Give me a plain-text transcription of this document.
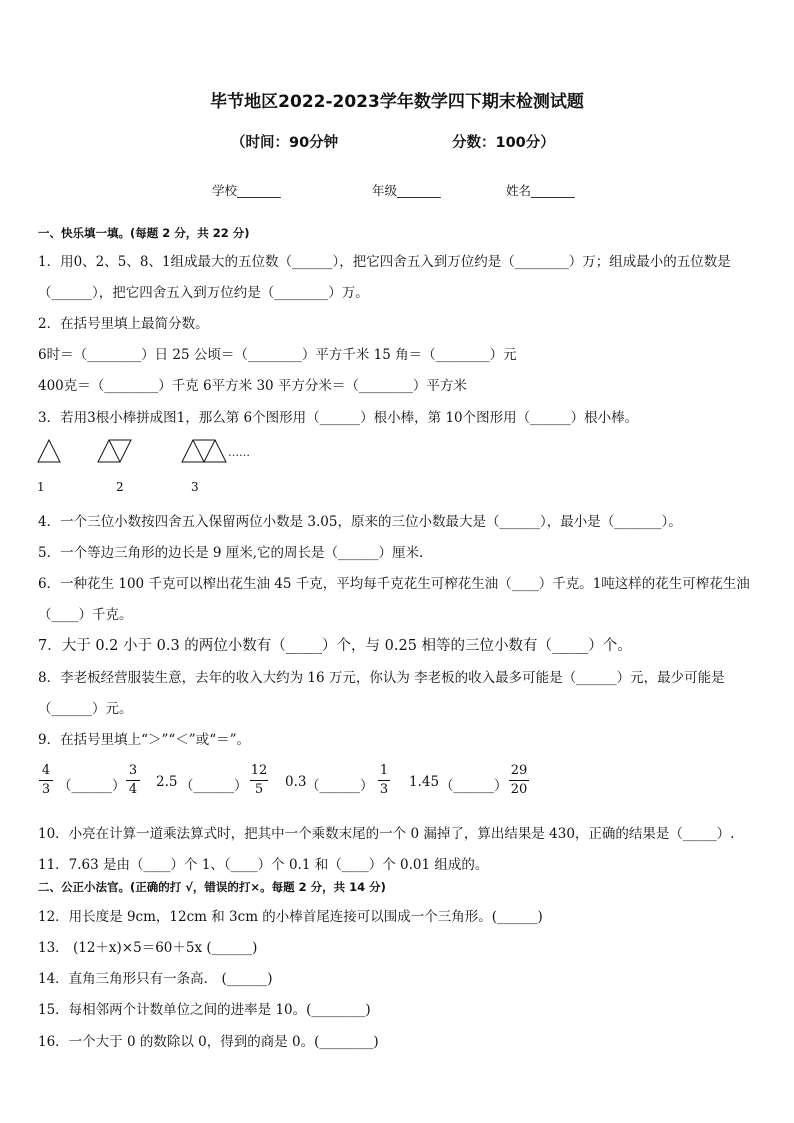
毕节地区2022-2023学年数学四下期末检测试题
（时间：90分钟	分数：100分）
学校_______	年级_______	姓名_______
一、快乐填一填。(每题 2 分，共 22 分)
1．用0、2、5、8、1组成最大的五位数（______），把它四舍五入到万位约是（________）万；组成最小的五位数是
（______），把它四舍五入到万位约是（________）万。
2．在括号里填上最简分数。
6时＝（________）日 25 公顷＝（________）平方千米 15 角＝（________）元
400克＝（________）千克 6平方米 30 平方分米＝（________）平方米
3．若用3根小棒拼成图1，那么第 6个图形用（______）根小棒，第 10个图形用（______）根小棒。
……
1	2	3
4．一个三位小数按四舍五入保留两位小数是 3.05，原来的三位小数最大是（______），最小是（_______）。
5．一个等边三角形的边长是 9 厘米,它的周长是（______）厘米.
6．一种花生 100 千克可以榨出花生油 45 千克，平均每千克花生可榨花生油（____）千克。1吨这样的花生可榨花生油
（____）千克。
7．大于 0.2 小于 0.3 的两位小数有（_____）个，与 0.25 相等的三位小数有（_____）个。
8．李老板经营服装生意，去年的收入大约为 16 万元，你认为 李老板的收入最多可能是（______）元，最少可能是
（______）元。
9．在括号里填上“＞”“＜”或“＝”。
4
3 （______）
3
4 2.5 （______）
12
5	0.3 （______）
1
3 1.45 （______）
29
20
10．小亮在计算一道乘法算式时，把其中一个乘数末尾的一个 0 漏掉了，算出结果是 430，正确的结果是（_____）.
11．7.63 是由（____）个 1、（____）个 0.1 和（____）个 0.01 组成的。
二、公正小法官。(正确的打 √，错误的打×。每题 2 分，共 14 分)
12．用长度是 9cm，12cm 和 3cm 的小棒首尾连接可以围成一个三角形。(______)
13． (12＋x)×5＝60＋5x (______)
14．直角三角形只有一条高． (______)
15．每相邻两个计数单位之间的进率是 10。(________)
16．一个大于 0 的数除以 0，得到的商是 0。(________)
